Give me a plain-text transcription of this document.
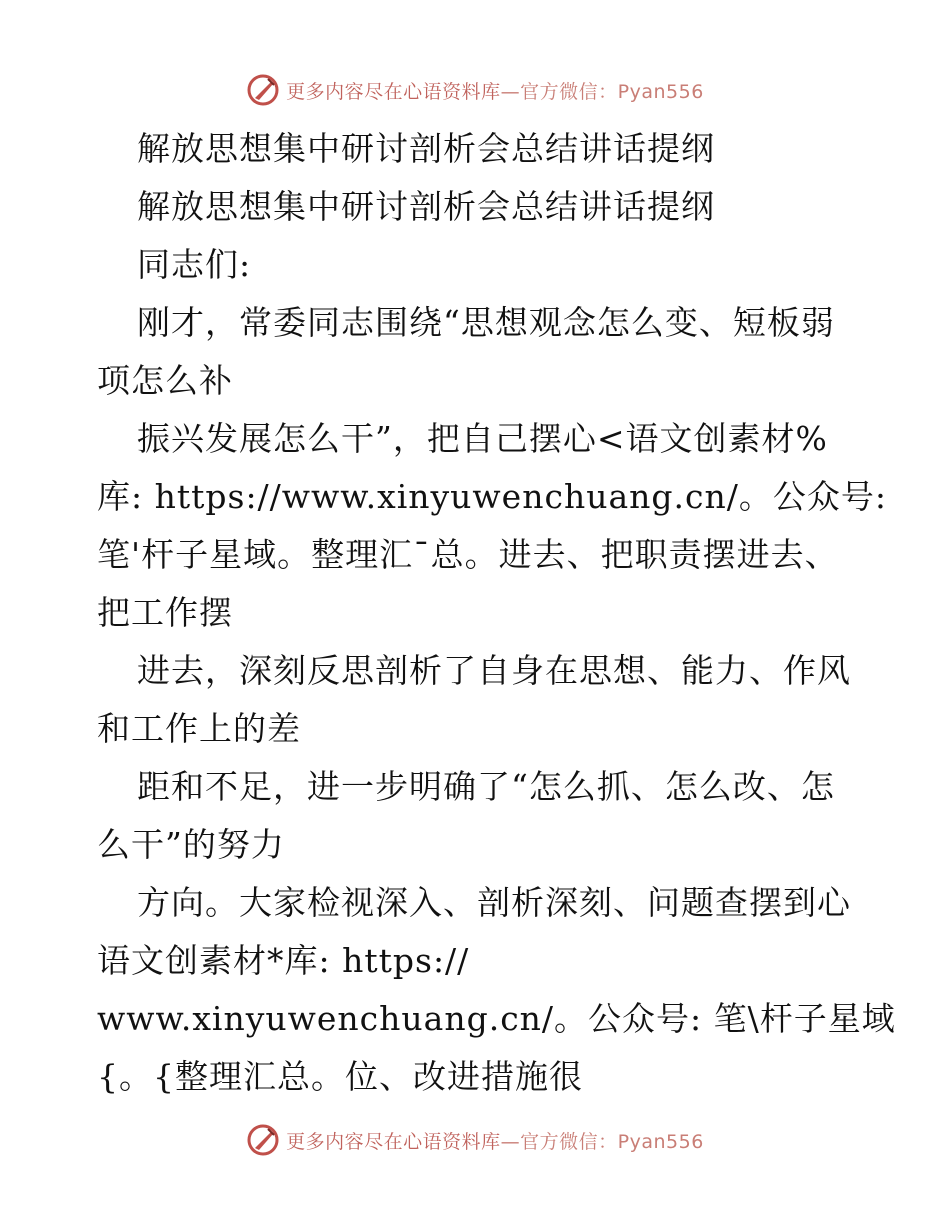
更多内容尽在心语资料库 —官方微信：Pyan556
解放思想集中研讨剖析会总结讲话提纲
解放思想集中研讨剖析会总结讲话提纲
同志们:
刚才，常委同志围绕“思想观念怎么变、短板弱
项怎么补
振兴发展怎么干”，把自己摆心<语文创素材%
库: https://www.xinyuwenchuang.cn/。公众号:
笔'杆子星域。整理汇¯总。进去、把职责摆进去、
把工作摆
进去，深刻反思剖析了自身在思想、能力、作风
和工作上的差
距和不足，进一步明确了“怎么抓、怎么改、怎
么干”的努力
方向。大家检视深入、剖析深刻、问题查摆到心
语文创素材*库: https://
www.xinyuwenchuang.cn/。公众号: 笔\杆子星域
{。{整理汇总。位、改进措施很
更多内容尽在心语资料库 —官方微信：Pyan556
